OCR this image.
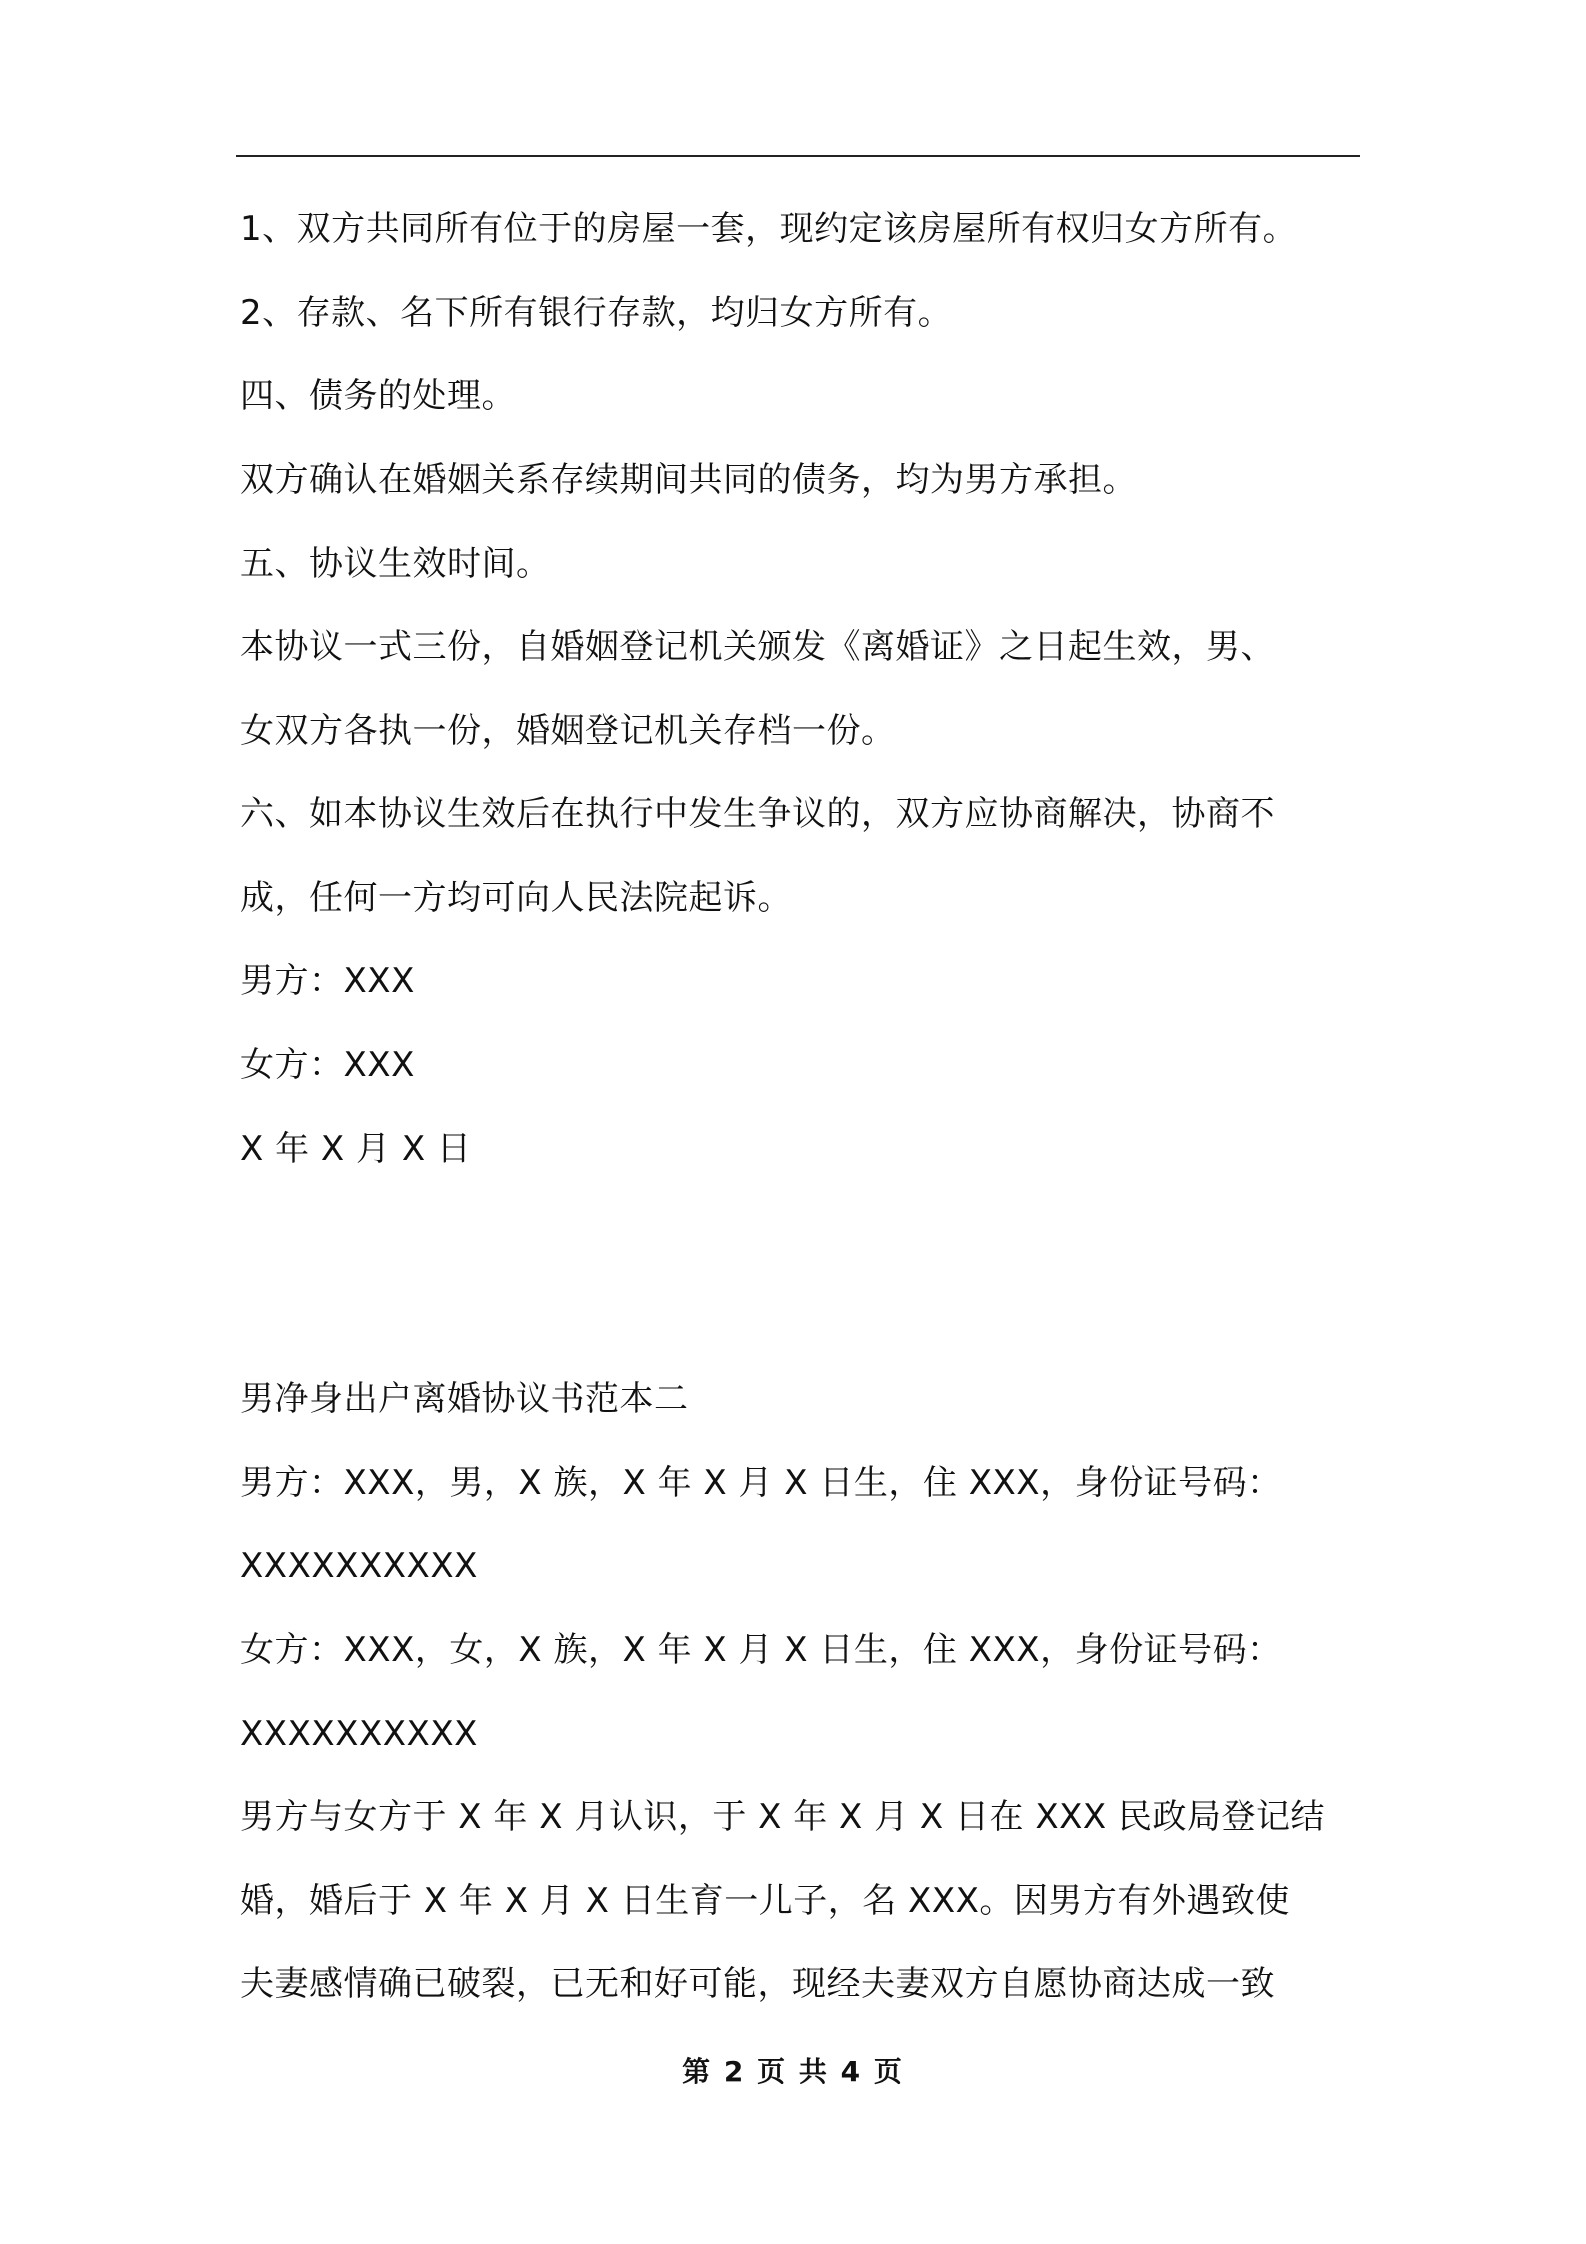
1、双方共同所有位于的房屋一套，现约定该房屋所有权归女方所有。
2、存款、名下所有银行存款，均归女方所有。
四、债务的处理。
双方确认在婚姻关系存续期间共同的债务，均为男方承担。
五、协议生效时间。
本协议一式三份，自婚姻登记机关颁发《离婚证》之日起生效，男、
女双方各执一份，婚姻登记机关存档一份。
六、如本协议生效后在执行中发生争议的，双方应协商解决，协商不
成，任何一方均可向人民法院起诉。
男方：XXX
女方：XXX
X 年 X 月 X 日
男净身出户离婚协议书范本二
男方：XXX，男，X 族，X 年 X 月 X 日生，住 XXX，身份证号码：
XXXXXXXXXX
女方：XXX，女，X 族，X 年 X 月 X 日生，住 XXX，身份证号码：
XXXXXXXXXX
男方与女方于 X 年 X 月认识，于 X 年 X 月 X 日在 XXX 民政局登记结
婚，婚后于 X 年 X 月 X 日生育一儿子，名 XXX。因男方有外遇致使
夫妻感情确已破裂，已无和好可能，现经夫妻双方自愿协商达成一致
第 2 页 共 4 页
